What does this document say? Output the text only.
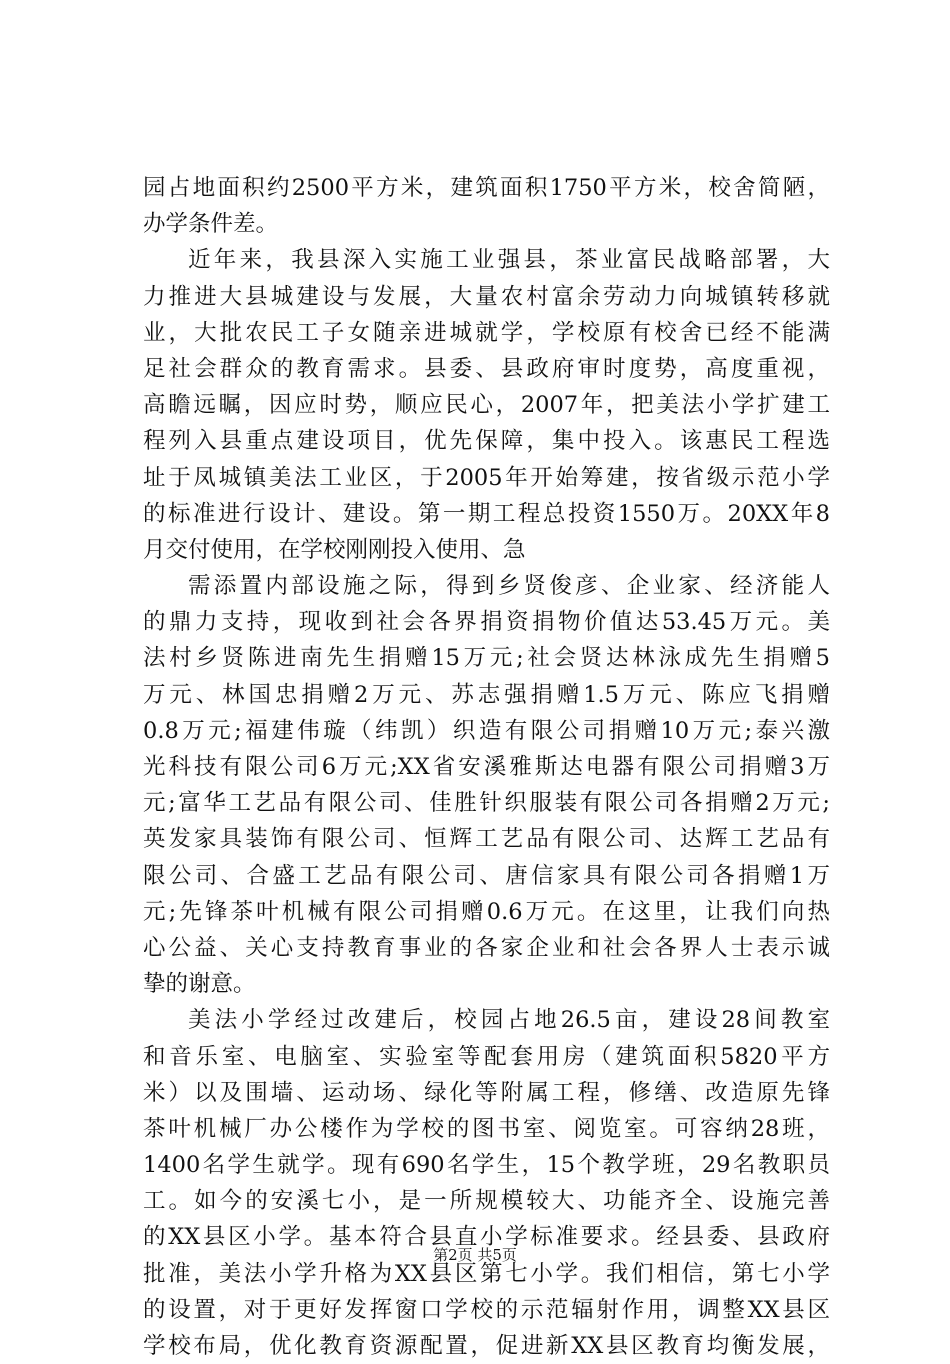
园占地面积约2500平方米，建筑面积1750平方米，校舍简陋，
办学条件差。
近年来，我县深入实施工业强县，茶业富民战略部署，大
力推进大县城建设与发展，大量农村富余劳动力向城镇转移就
业，大批农民工子女随亲进城就学，学校原有校舍已经不能满
足社会群众的教育需求。县委、县政府审时度势，高度重视，
高瞻远瞩，因应时势，顺应民心，2007年，把美法小学扩建工
程列入县重点建设项目，优先保障，集中投入。该惠民工程选
址于凤城镇美法工业区，于2005年开始筹建，按省级示范小学
的标准进行设计、建设。第一期工程总投资1550万。20XX年8
月交付使用，在学校刚刚投入使用、急
需添置内部设施之际，得到乡贤俊彦、企业家、经济能人
的鼎力支持，现收到社会各界捐资捐物价值达53.45万元。美
法村乡贤陈进南先生捐赠15万元;社会贤达林泳成先生捐赠5
万元、林国忠捐赠2万元、苏志强捐赠1.5万元、陈应飞捐赠
0.8万元;福建伟璇（纬凯）织造有限公司捐赠10万元;泰兴激
光科技有限公司6万元;XX省安溪雅斯达电器有限公司捐赠3万
元;富华工艺品有限公司、佳胜针织服装有限公司各捐赠2万元;
英发家具装饰有限公司、恒辉工艺品有限公司、达辉工艺品有
限公司、合盛工艺品有限公司、唐信家具有限公司各捐赠1万
元;先锋茶叶机械有限公司捐赠0.6万元。在这里，让我们向热
心公益、关心支持教育事业的各家企业和社会各界人士表示诚
挚的谢意。
美法小学经过改建后，校园占地26.5亩，建设28间教室
和音乐室、电脑室、实验室等配套用房（建筑面积5820平方
米）以及围墙、运动场、绿化等附属工程，修缮、改造原先锋
茶叶机械厂办公楼作为学校的图书室、阅览室。可容纳28班，
1400名学生就学。现有690名学生，15个教学班，29名教职员
工。如今的安溪七小，是一所规模较大、功能齐全、设施完善
的XX县区小学。基本符合县直小学标准要求。经县委、县政府
批准，美法小学升格为XX县区第七小学。我们相信，第七小学
的设置，对于更好发挥窗口学校的示范辐射作用，调整XX县区
学校布局，优化教育资源配置，促进新XX县区教育均衡发展，
第2页 共5页
